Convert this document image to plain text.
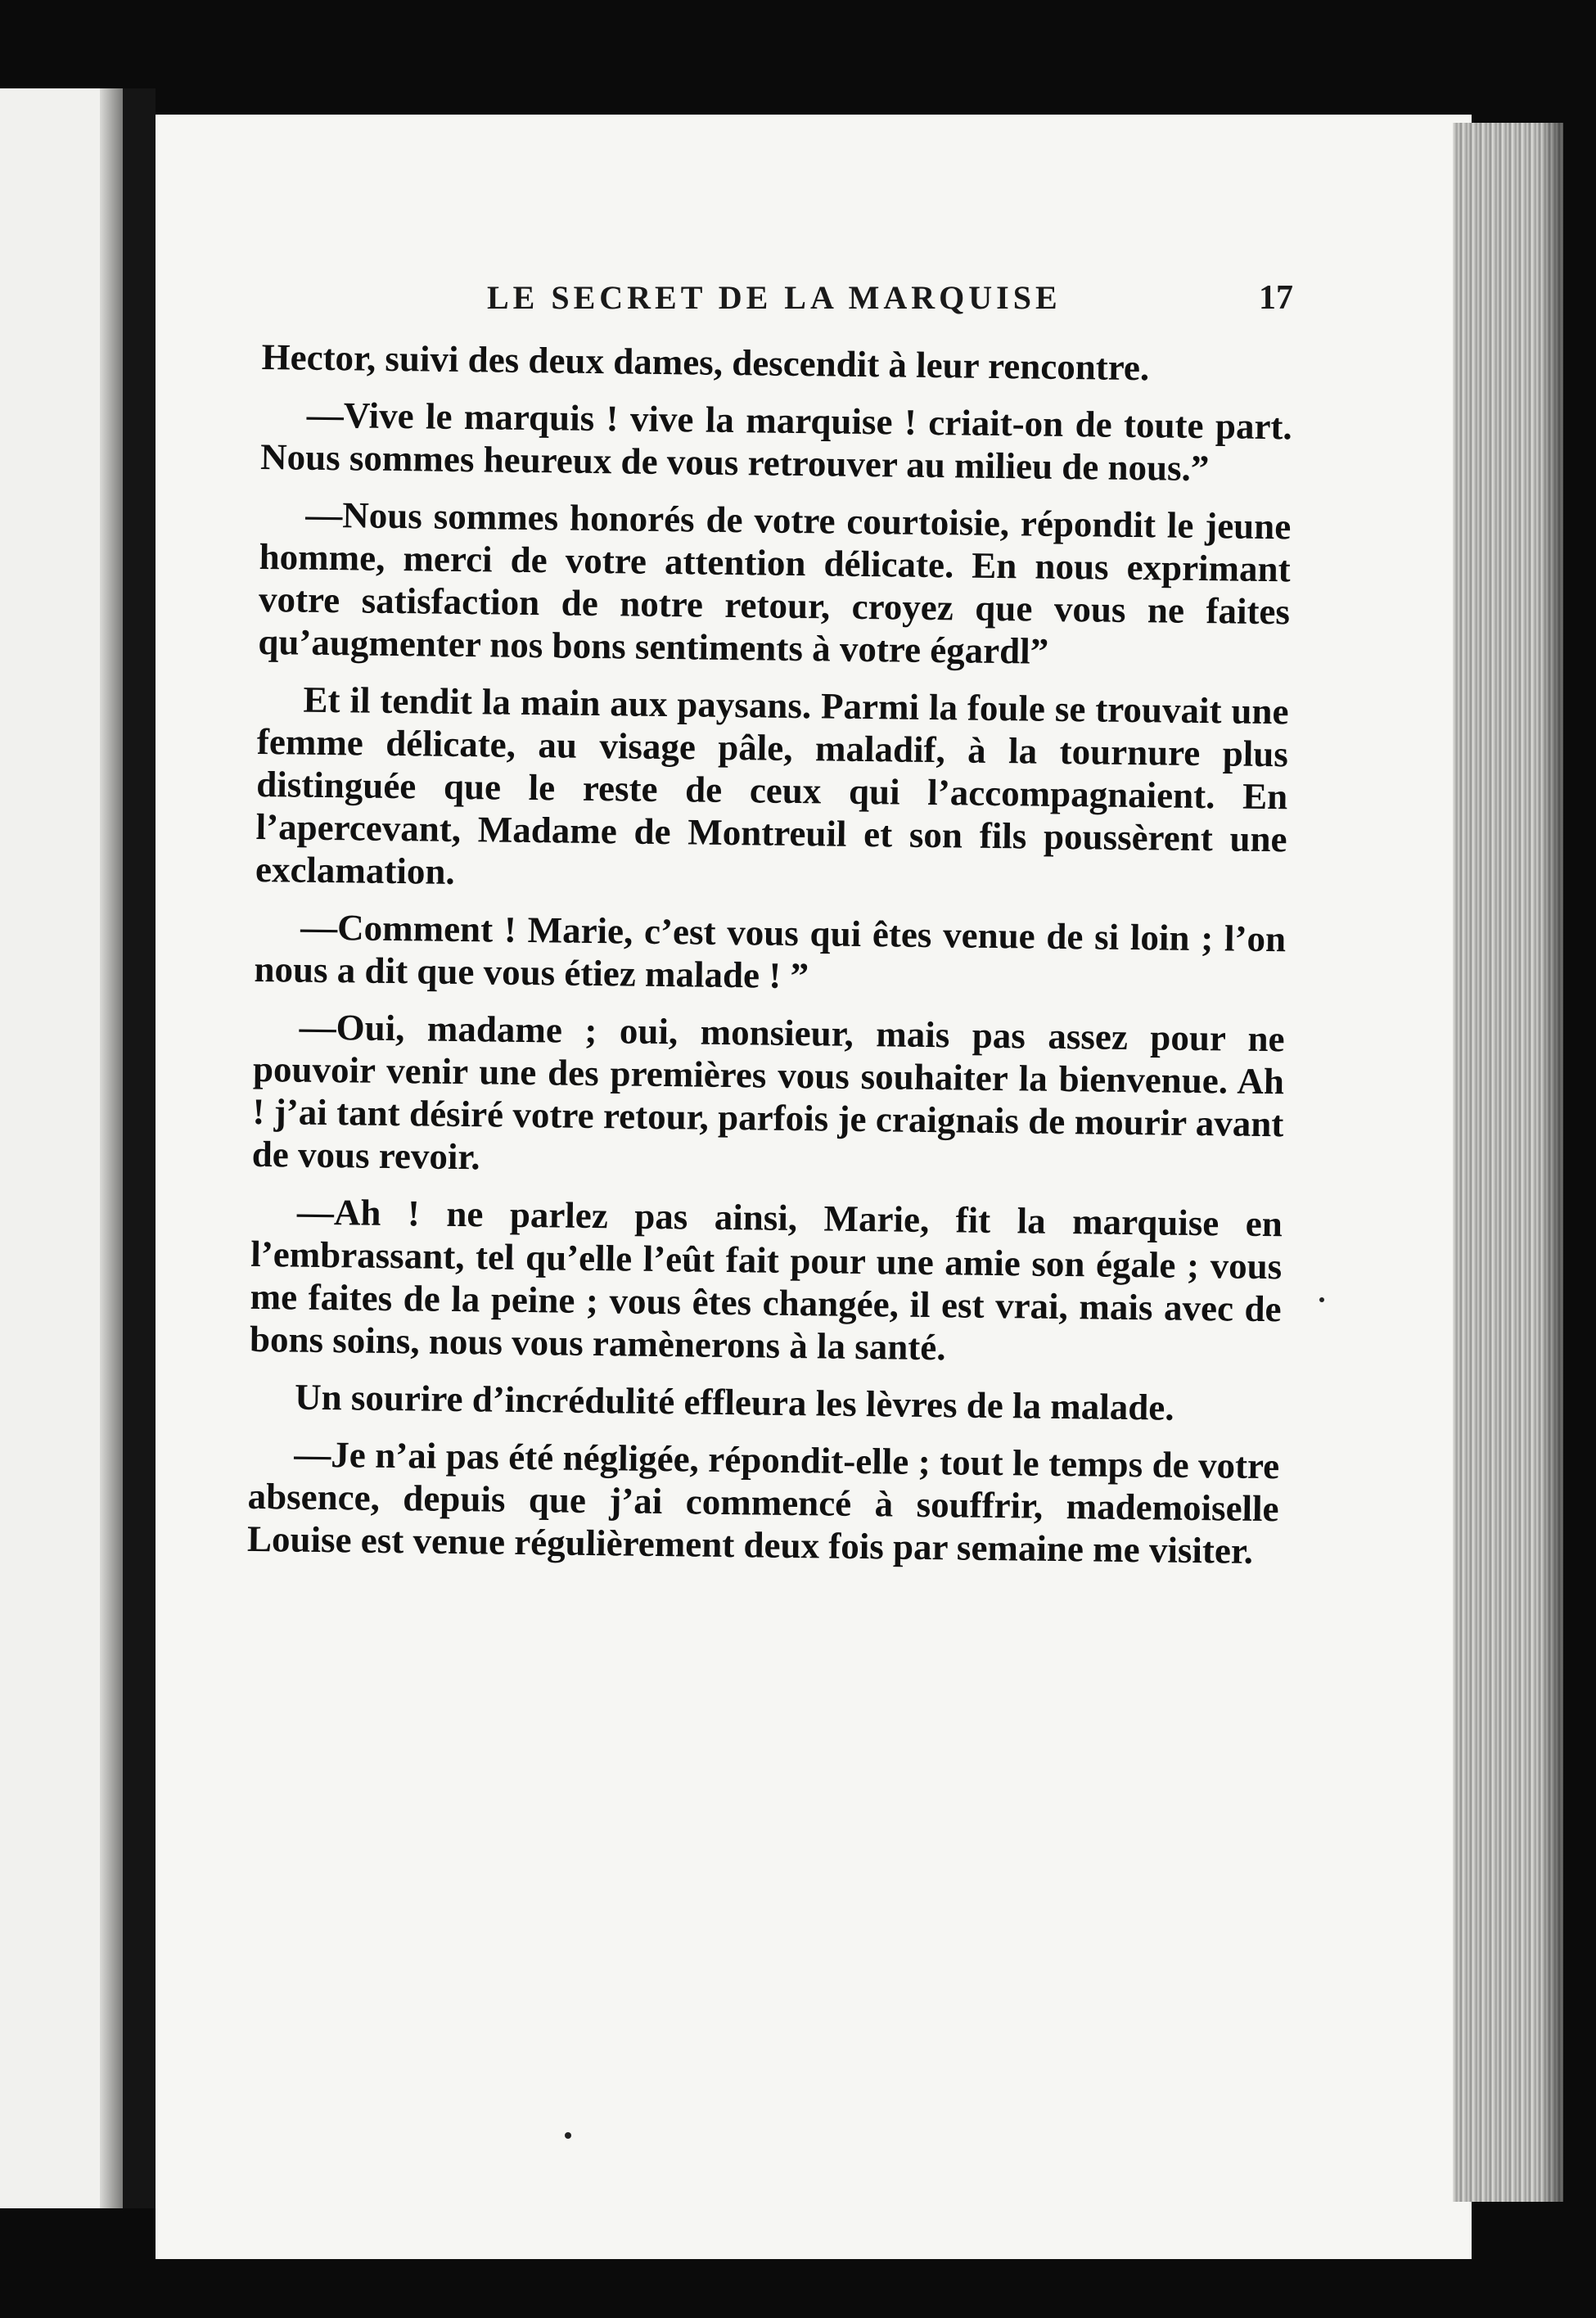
LE SECRET DE LA MARQUISE	17

Hector, suivi des deux dames, descendit à leur rencontre.

—Vive le marquis ! vive la marquise ! criait-on de toute part. Nous sommes heureux de vous retrouver au milieu de nous.”

—Nous sommes honorés de votre courtoisie, répondit le jeune homme, merci de votre attention délicate. En nous exprimant votre satisfaction de notre retour, croyez que vous ne faites qu’augmenter nos bons sentiments à votre égardl”

Et il tendit la main aux paysans. Parmi la foule se trouvait une femme délicate, au visage pâle, maladif, à la tournure plus distinguée que le reste de ceux qui l’accompagnaient. En l’apercevant, Madame de Montreuil et son fils poussèrent une exclamation.

—Comment ! Marie, c’est vous qui êtes venue de si loin ; l’on nous a dit que vous étiez malade ! ”

—Oui, madame ; oui, monsieur, mais pas assez pour ne pouvoir venir une des premières vous souhaiter la bienvenue. Ah ! j’ai tant désiré votre retour, parfois je craignais de mourir avant de vous revoir.

—Ah ! ne parlez pas ainsi, Marie, fit la marquise en l’embrassant, tel qu’elle l’eût fait pour une amie son égale ; vous me faites de la peine ; vous êtes changée, il est vrai, mais avec de bons soins, nous vous ramènerons à la santé.

Un sourire d’incrédulité effleura les lèvres de la malade.

—Je n’ai pas été négligée, répondit-elle ; tout le temps de votre absence, depuis que j’ai commencé à souffrir, mademoiselle Louise est venue régulièrement deux fois par semaine me visiter.
